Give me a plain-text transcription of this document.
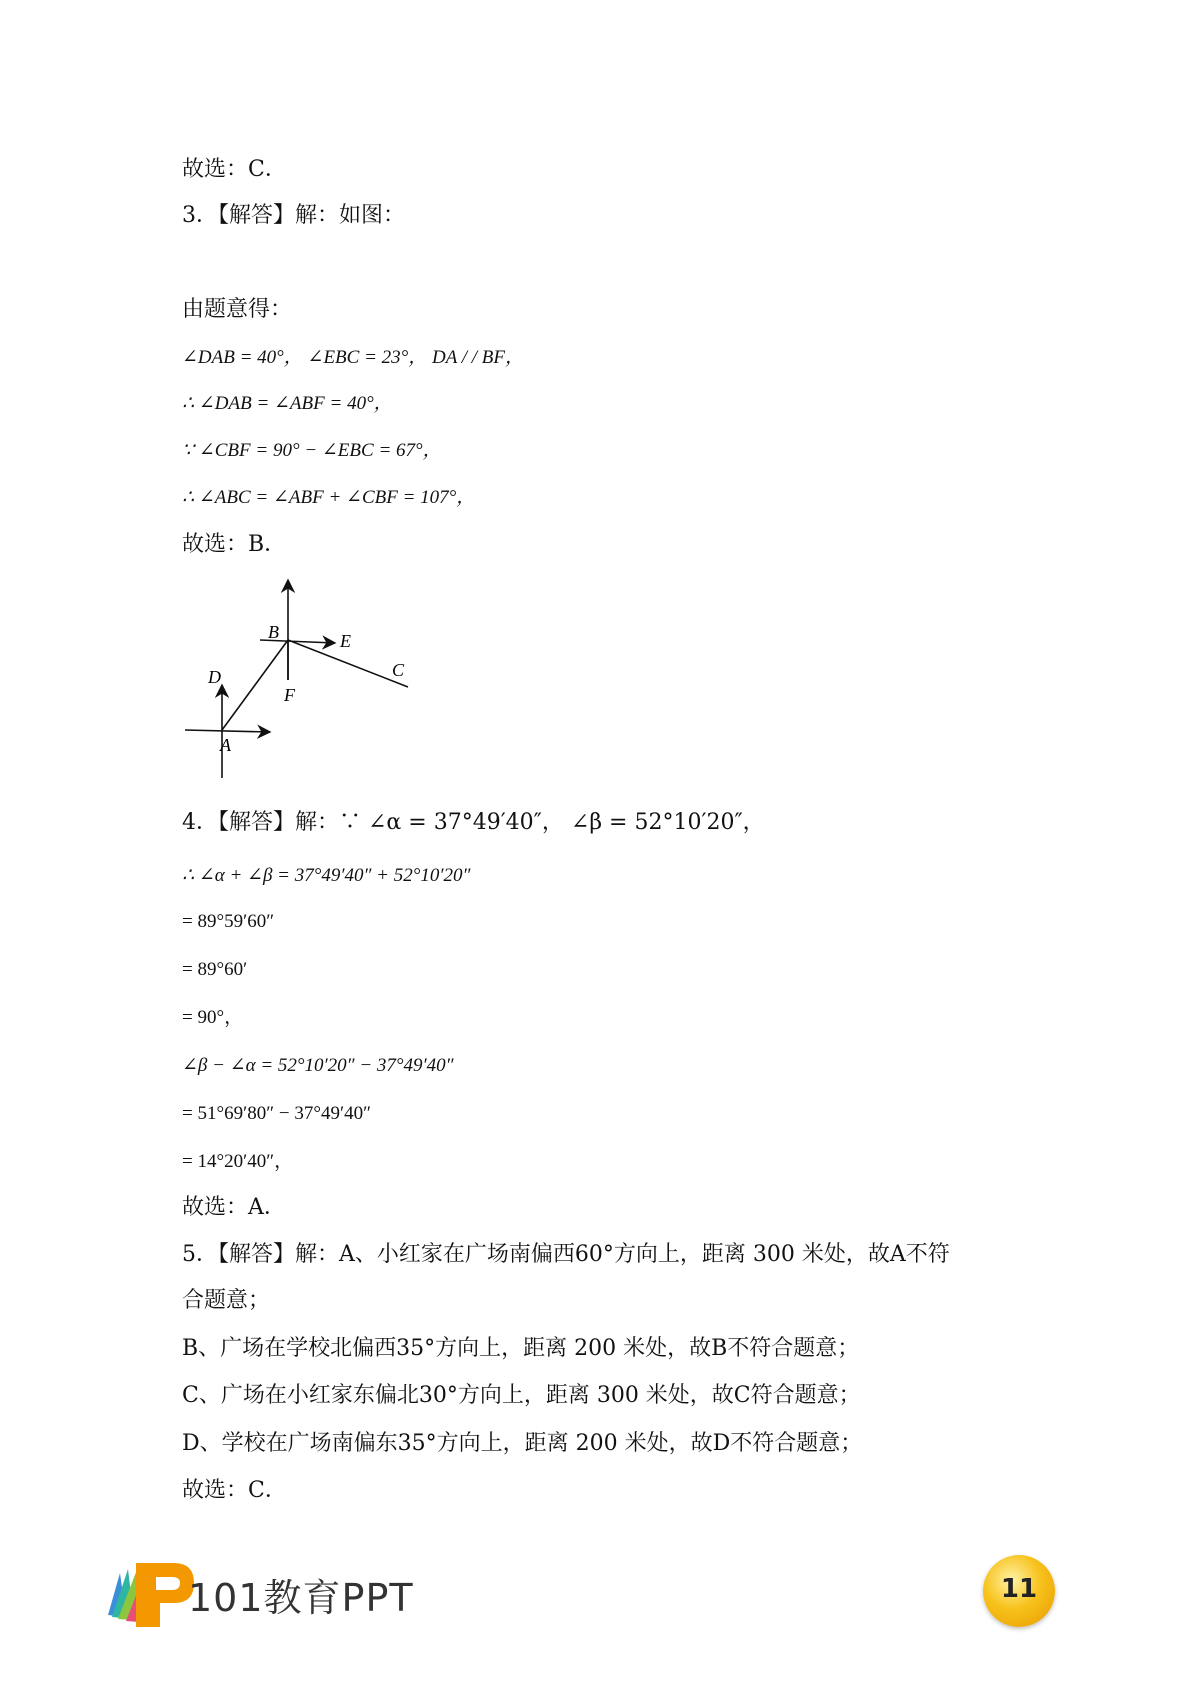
故选：C．
3．【解答】解：如图：
由题意得：
∠DAB = 40°， ∠EBC = 23°， DA / / BF，
∴ ∠DAB = ∠ABF = 40°，
∵ ∠CBF = 90° − ∠EBC = 67°，
∴ ∠ABC = ∠ABF + ∠CBF = 107°，
故选：B．
B	E
C
F
D
A
4．【解答】解：∵ ∠α = 37°49′40″， ∠β = 52°10′20″，
∴ ∠α + ∠β = 37°49′40″ + 52°10′20″
= 89°59′60″
= 89°60′
= 90°，
∠β − ∠α = 52°10′20″ − 37°49′40″
= 51°69′80″ − 37°49′40″
= 14°20′40″，
故选：A．
5．【解答】解：A、小红家在广场南偏西60°方向上，距离 300 米处，故A不符
合题意；
B、广场在学校北偏西35°方向上，距离 200 米处，故B不符合题意；
C、广场在小红家东偏北30°方向上，距离 300 米处，故C符合题意；
D、学校在广场南偏东35°方向上，距离 200 米处，故D不符合题意；
故选：C．
101教育PPT	11
